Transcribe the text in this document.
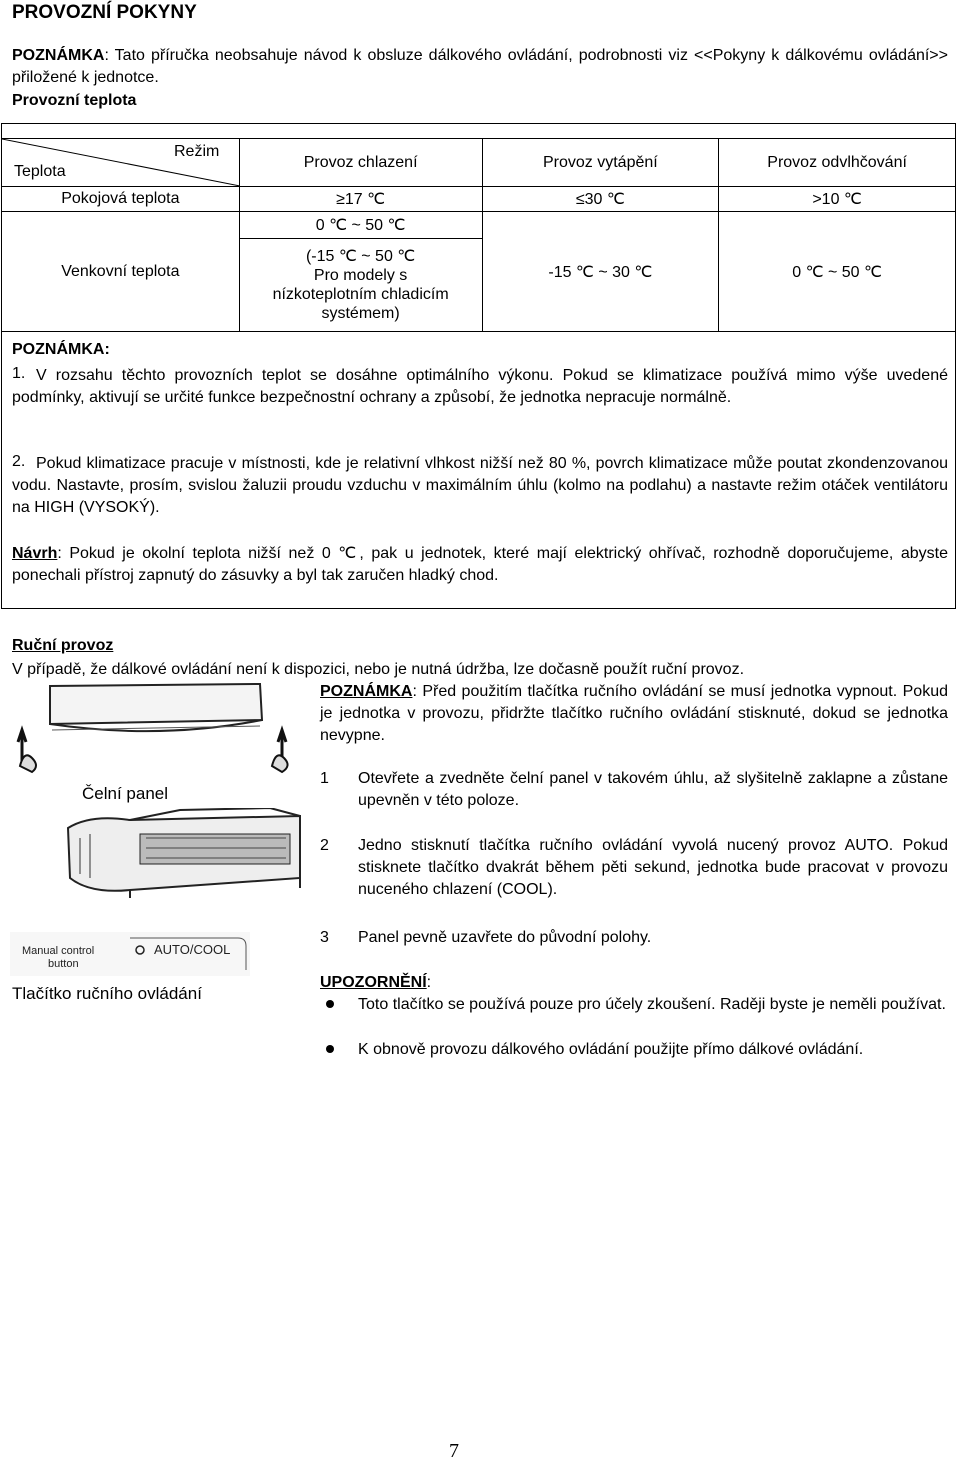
PROVOZNÍ POKYNY
POZNÁMKA: Tato příručka neobsahuje návod k obsluze dálkového ovládání, podrobnosti viz <<Pokyny k dálkovému ovládání>> přiložené k jednotce.
Provozní teplota
Režim
Teplota	Provoz chlazení	Provoz vytápění	Provoz odvlhčování
Pokojová teplota	≥17 ℃	≤30 ℃	>10 ℃
Venkovní teplota	0 ℃ ~ 50 ℃	-15 ℃ ~ 30 ℃	0 ℃ ~ 50 ℃
	(-15 ℃ ~ 50 ℃
Pro modely s
nízkoteplotním chladicím
systémem)		
POZNÁMKA:
1. V rozsahu těchto provozních teplot se dosáhne optimálního výkonu. Pokud se klimatizace používá mimo výše uvedené podmínky, aktivují se určité funkce bezpečnostní ochrany a způsobí, že jednotka nepracuje normálně.
2. Pokud klimatizace pracuje v místnosti, kde je relativní vlhkost nižší než 80 %, povrch klimatizace může poutat zkondenzovanou vodu. Nastavte, prosím, svislou žaluzii proudu vzduchu v maximálním úhlu (kolmo na podlahu) a nastavte režim otáček ventilátoru na HIGH (VYSOKÝ).
Návrh: Pokud je okolní teplota nižší než 0 ℃, pak u jednotek, které mají elektrický ohřívač, rozhodně doporučujeme, abyste ponechali přístroj zapnutý do zásuvky a byl tak zaručen hladký chod.
Ruční provoz
V případě, že dálkové ovládání není k dispozici, nebo je nutná údržba, lze dočasně použít ruční provoz.
POZNÁMKA: Před použitím tlačítka ručního ovládání se musí jednotka vypnout. Pokud je jednotka v provozu, přidržte tlačítko ručního ovládání stisknuté, dokud se jednotka nevypne.
Čelní panel
Manual control
button
AUTO/COOL
Tlačítko ručního ovládání
1 Otevřete a zvedněte čelní panel v takovém úhlu, až slyšitelně zaklapne a zůstane upevněn v této poloze.
2 Jedno stisknutí tlačítka ručního ovládání vyvolá nucený provoz AUTO. Pokud stisknete tlačítko dvakrát během pěti sekund, jednotka bude pracovat v provozu nuceného chlazení (COOL).
3 Panel pevně uzavřete do původní polohy.
UPOZORNĚNÍ:
Toto tlačítko se používá pouze pro účely zkoušení. Raději byste je neměli používat.
K obnově provozu dálkového ovládání použijte přímo dálkové ovládání.
7
